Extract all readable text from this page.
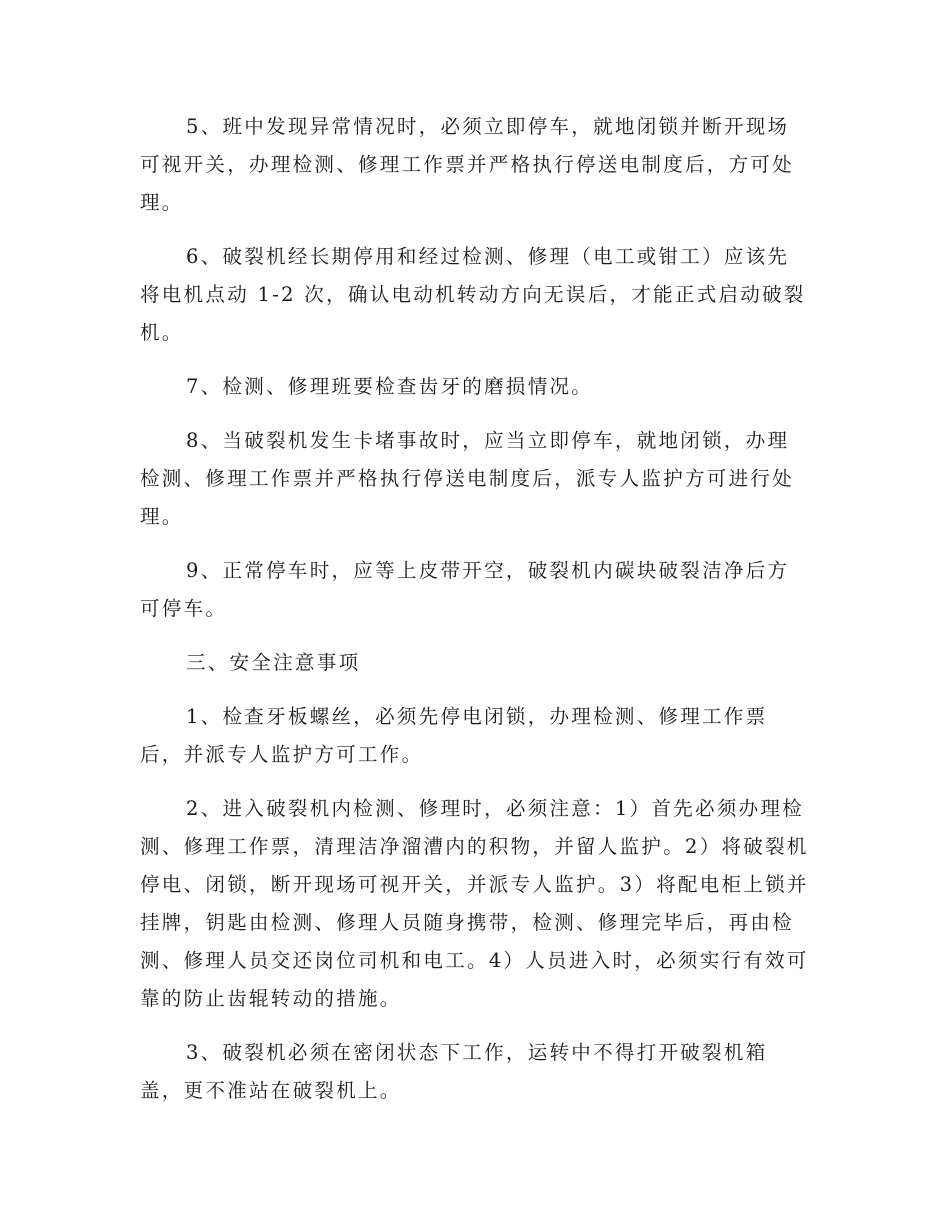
5、班中发现异常情况时，必须立即停车，就地闭锁并断开现场可视开关，办理检测、修理工作票并严格执行停送电制度后，方可处理。

6、破裂机经长期停用和经过检测、修理（电工或钳工）应该先将电机点动 1-2 次，确认电动机转动方向无误后，才能正式启动破裂机。

7、检测、修理班要检查齿牙的磨损情况。

8、当破裂机发生卡堵事故时，应当立即停车，就地闭锁，办理检测、修理工作票并严格执行停送电制度后，派专人监护方可进行处理。

9、正常停车时，应等上皮带开空，破裂机内碳块破裂洁净后方可停车。

三、安全注意事项

1、检查牙板螺丝，必须先停电闭锁，办理检测、修理工作票后，并派专人监护方可工作。

2、进入破裂机内检测、修理时，必须注意：1）首先必须办理检测、修理工作票，清理洁净溜漕内的积物，并留人监护。2）将破裂机停电、闭锁，断开现场可视开关，并派专人监护。3）将配电柜上锁并挂牌，钥匙由检测、修理人员随身携带，检测、修理完毕后，再由检测、修理人员交还岗位司机和电工。4）人员进入时，必须实行有效可靠的防止齿辊转动的措施。

3、破裂机必须在密闭状态下工作，运转中不得打开破裂机箱盖，更不准站在破裂机上。
